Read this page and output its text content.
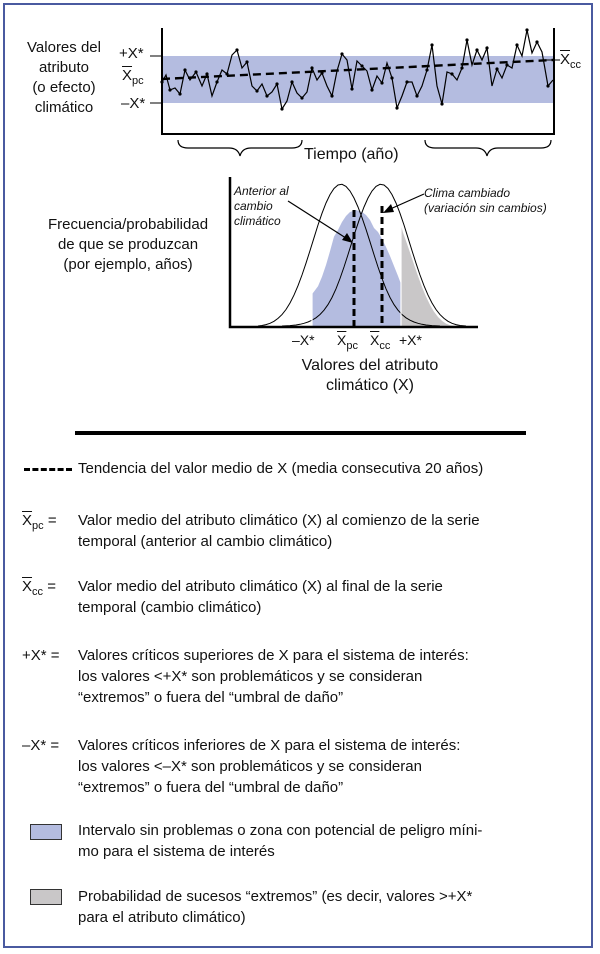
Valores del
atributo
(o efecto)
climático
+X*
$\overline{X}_{pc}$
–X*
$\overline{X}_{cc}$
Tiempo (año)
Frecuencia/probabilidad
de que se produzcan
(por ejemplo, años)
Anterior al
cambio
climático
Clima cambiado
(variación sin cambios)
–X* $\overline{X}_{pc}$ $\overline{X}_{cc} +X*$
Valores del atributo
climático (X)
Tendencia del valor medio de X (media consecutiva 20 años)
$\overline{X}_{pc}$ = Valor medio del atributo climático (X) al comienzo de la serie
temporal (anterior al cambio climático)
$\overline{X}_{cc}$ = Valor medio del atributo climático (X) al final de la serie
temporal (cambio climático)
+X* = Valores críticos superiores de X para el sistema de interés:
los valores <+X* son problemáticos y se consideran
“extremos” o fuera del “umbral de daño”
–X* = Valores críticos inferiores de X para el sistema de interés:
los valores <–X* son problemáticos y se consideran
“extremos” o fuera del “umbral de daño”
Intervalo sin problemas o zona con potencial de peligro míni-
mo para el sistema de interés
Probabilidad de sucesos “extremos” (es decir, valores >+X*
para el atributo climático)
